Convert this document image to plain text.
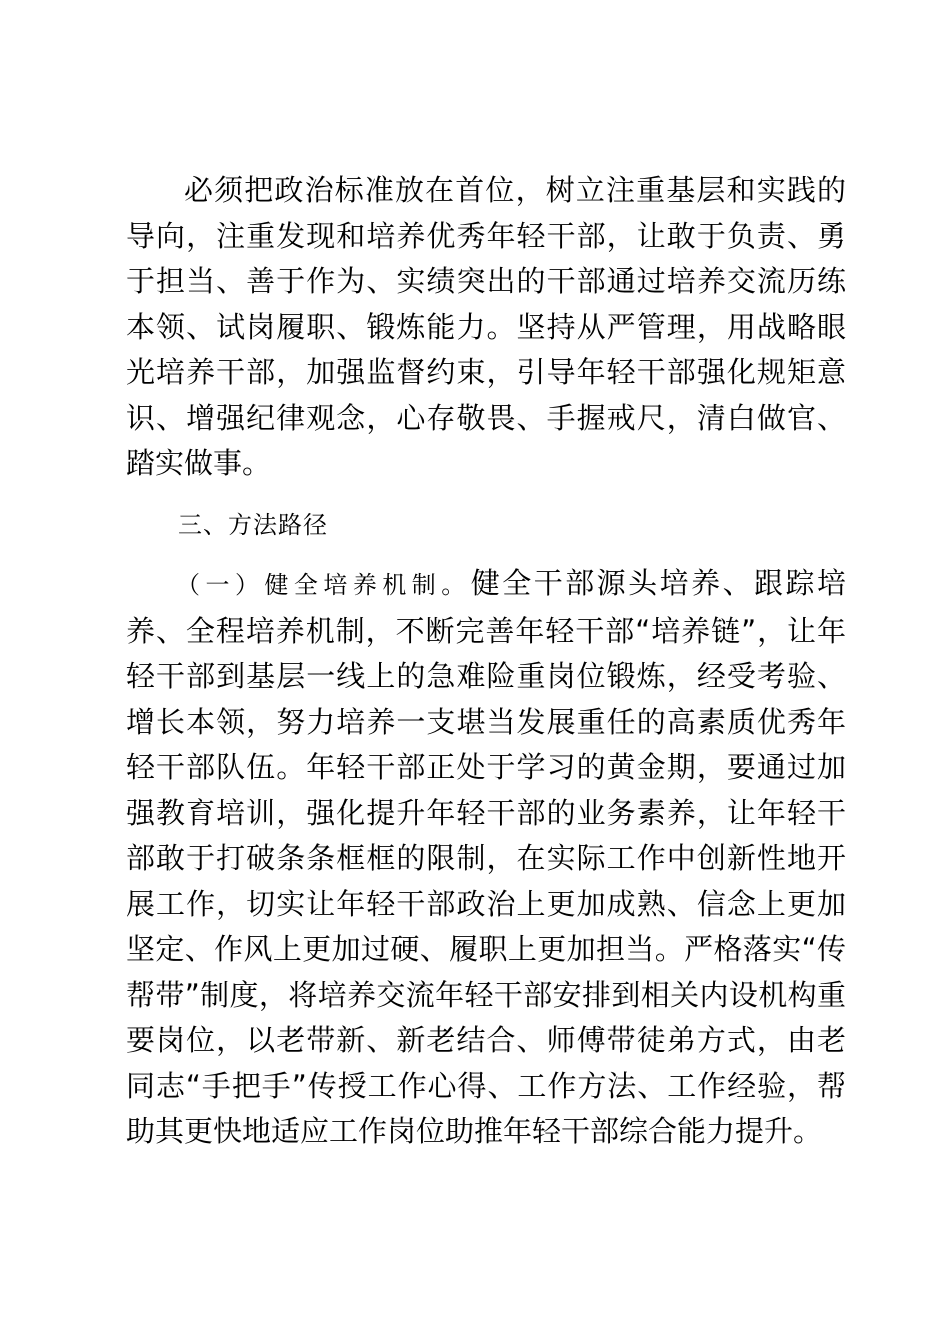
必须把政治标准放在首位，树立注重基层和实践的导向，注重发现和培养优秀年轻干部，让敢于负责、勇于担当、善于作为、实绩突出的干部通过培养交流历练本领、试岗履职、锻炼能力。坚持从严管理，用战略眼光培养干部，加强监督约束，引导年轻干部强化规矩意识、增强纪律观念，心存敬畏、手握戒尺，清白做官、踏实做事。

三、方法路径

（一）健全培养机制。健全干部源头培养、跟踪培养、全程培养机制，不断完善年轻干部“培养链”，让年轻干部到基层一线上的急难险重岗位锻炼，经受考验、增长本领，努力培养一支堪当发展重任的高素质优秀年轻干部队伍。年轻干部正处于学习的黄金期，要通过加强教育培训，强化提升年轻干部的业务素养，让年轻干部敢于打破条条框框的限制，在实际工作中创新性地开展工作，切实让年轻干部政治上更加成熟、信念上更加坚定、作风上更加过硬、履职上更加担当。严格落实“传帮带”制度，将培养交流年轻干部安排到相关内设机构重要岗位，以老带新、新老结合、师傅带徒弟方式，由老同志“手把手”传授工作心得、工作方法、工作经验，帮助其更快地适应工作岗位助推年轻干部综合能力提升。
